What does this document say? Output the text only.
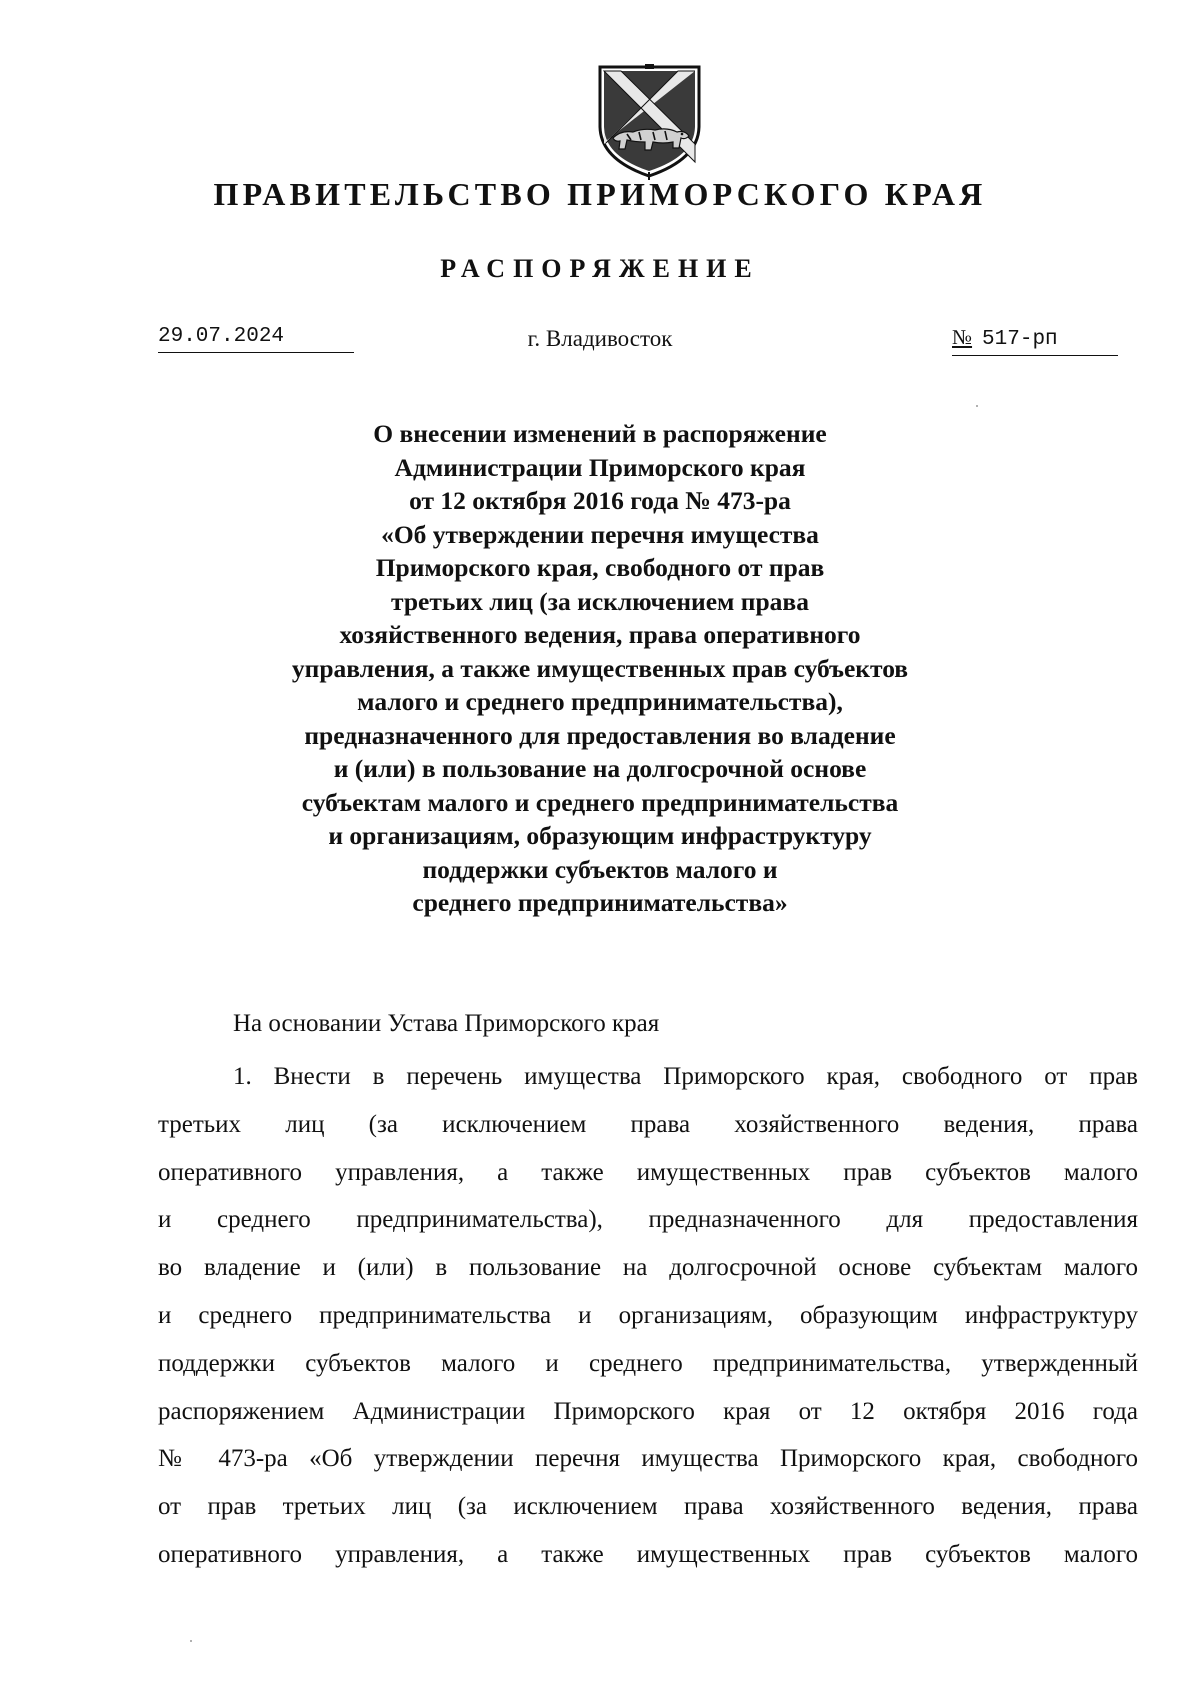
ПРАВИТЕЛЬСТВО ПРИМОРСКОГО КРАЯ
РАСПОРЯЖЕНИЕ
29.07.2024	г. Владивосток	№ 517-рп
О внесении изменений в распоряжение
Администрации Приморского края
от 12 октября 2016 года № 473-ра
«Об утверждении перечня имущества
Приморского края, свободного от прав
третьих лиц (за исключением права
хозяйственного ведения, права оперативного
управления, а также имущественных прав субъектов
малого и среднего предпринимательства),
предназначенного для предоставления во владение
и (или) в пользование на долгосрочной основе
субъектам малого и среднего предпринимательства
и организациям, образующим инфраструктуру
поддержки субъектов малого и
среднего предпринимательства»

На основании Устава Приморского края

1. Внести в перечень имущества Приморского края, свободного от прав
третьих лиц (за исключением права хозяйственного ведения, права
оперативного управления, а также имущественных прав субъектов малого
и среднего предпринимательства), предназначенного для предоставления
во владение и (или) в пользование на долгосрочной основе субъектам малого
и среднего предпринимательства и организациям, образующим инфраструктуру
поддержки субъектов малого и среднего предпринимательства, утвержденный
распоряжением Администрации Приморского края от 12 октября 2016 года
№ 473-ра «Об утверждении перечня имущества Приморского края, свободного
от прав третьих лиц (за исключением права хозяйственного ведения, права
оперативного управления, а также имущественных прав субъектов малого
